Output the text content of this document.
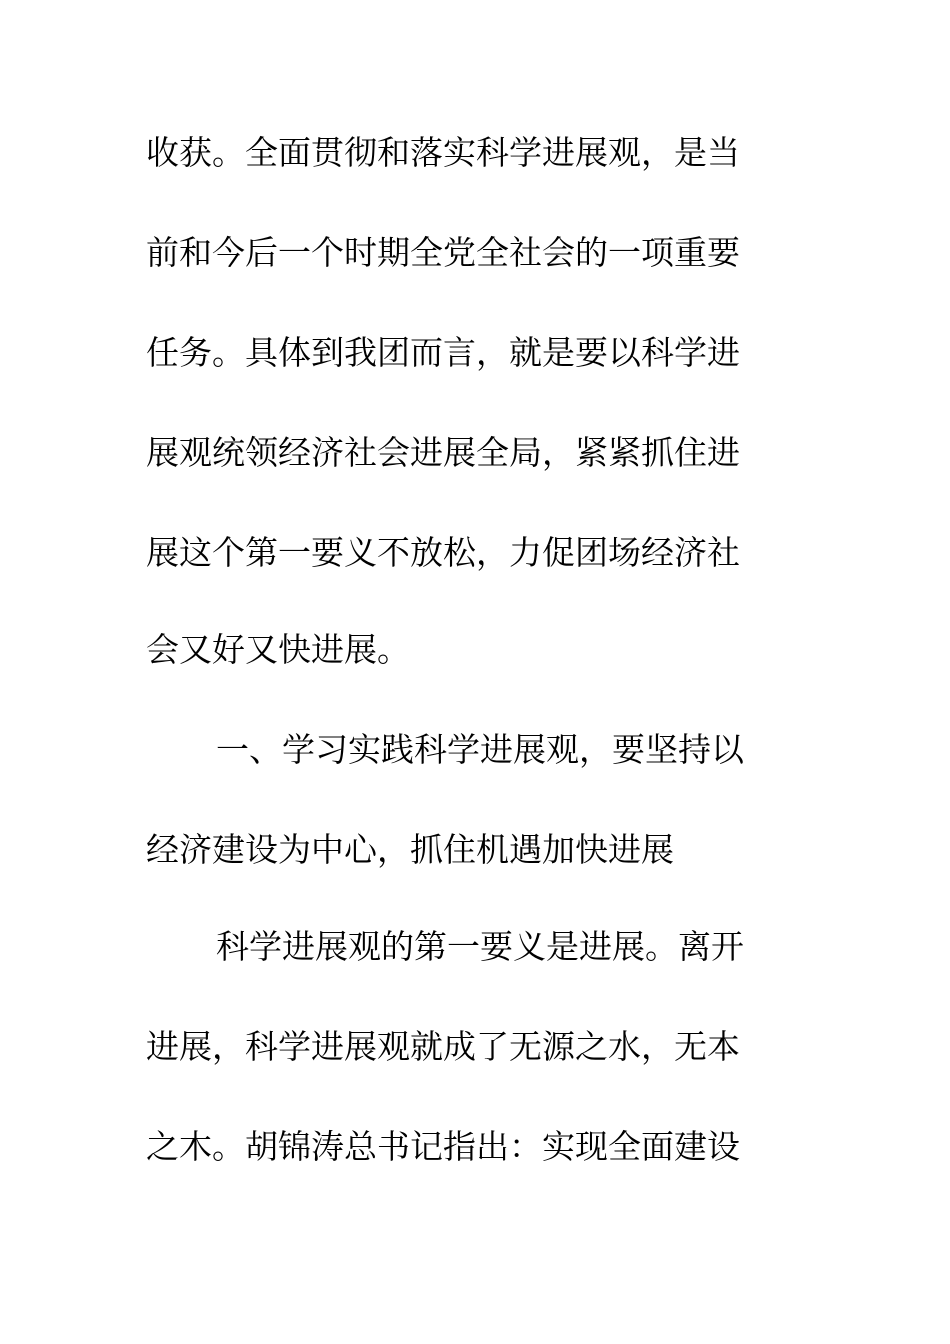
收获。全面贯彻和落实科学进展观，是当
前和今后一个时期全党全社会的一项重要
任务。具体到我团而言，就是要以科学进
展观统领经济社会进展全局，紧紧抓住进
展这个第一要义不放松，力促团场经济社
会又好又快进展。
一、学习实践科学进展观，要坚持以
经济建设为中心，抓住机遇加快进展
科学进展观的第一要义是进展。离开
进展，科学进展观就成了无源之水，无本
之木。胡锦涛总书记指出：实现全面建设
